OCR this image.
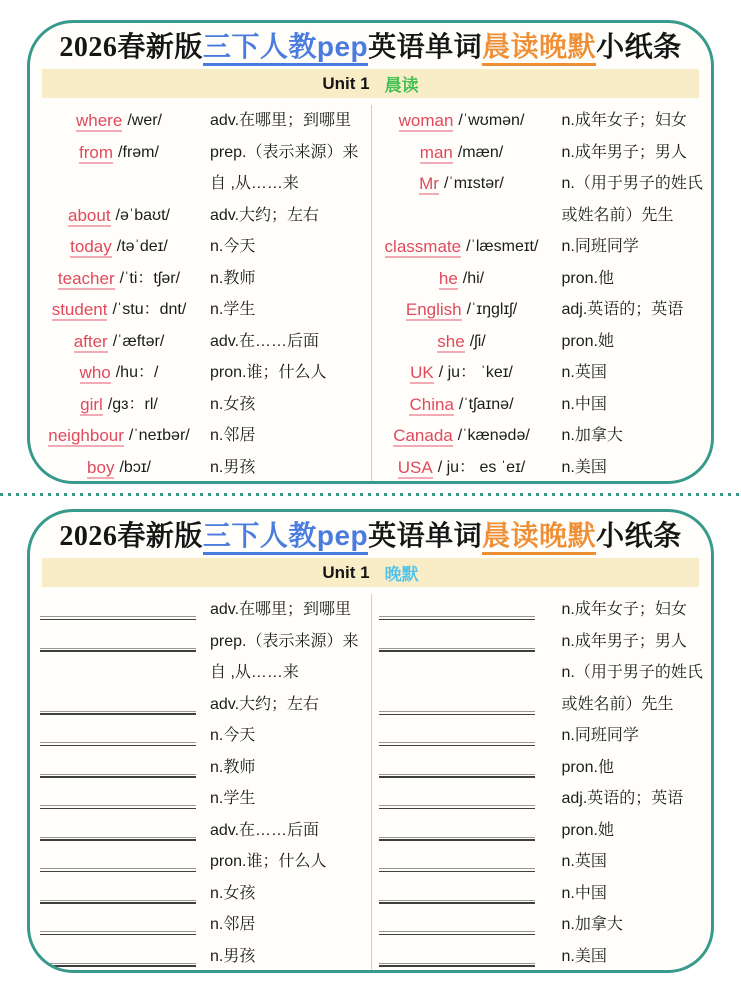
2026春新版三下人教pep英语单词晨读晚默小纸条
Unit 1 晨读
where /wer/	adv.在哪里；到哪里
from /frəm/	prep.（表示来源）来自 ,从……来
about /əˈbaʊt/	adv.大约；左右
today /təˈdeɪ/	n.今天
teacher /ˈti：tʃər/ n.教师
student /ˈstu：dnt/ n.学生
after /ˈæftər/	adv.在……后面
who /hu：/	pron.谁；什么人
girl /gɜ：rl/	n.女孩
neighbour /ˈneɪbər/ n.邻居
boy /bɔɪ/	n.男孩
woman /ˈwʊmən/ n.成年女子；妇女
man /mæn/	n.成年男子；男人
Mr /ˈmɪstər/	n.（用于男子的姓氏或姓名前）先生
classmate /ˈlæsmeɪt/ n.同班同学
he /hi/	pron.他
English /ˈɪŋglɪʃ/	adj.英语的；英语
she /ʃi/	pron.她
UK / ju： ˈkeɪ/	n.英国
China /ˈtʃaɪnə/	n.中国
Canada /ˈkænədə/ n.加拿大
USA / ju： es ˈeɪ/ n.美国
2026春新版三下人教pep英语单词晨读晚默小纸条
Unit 1 晚默
adv.在哪里；到哪里
prep.（表示来源）来自 ,从……来
adv.大约；左右
n.今天
n.教师
n.学生
adv.在……后面
pron.谁；什么人
n.女孩
n.邻居
n.男孩
n.成年女子；妇女
n.成年男子；男人
n.（用于男子的姓氏或姓名前）先生
n.同班同学
pron.他
adj.英语的；英语
pron.她
n.英国
n.中国
n.加拿大
n.美国
